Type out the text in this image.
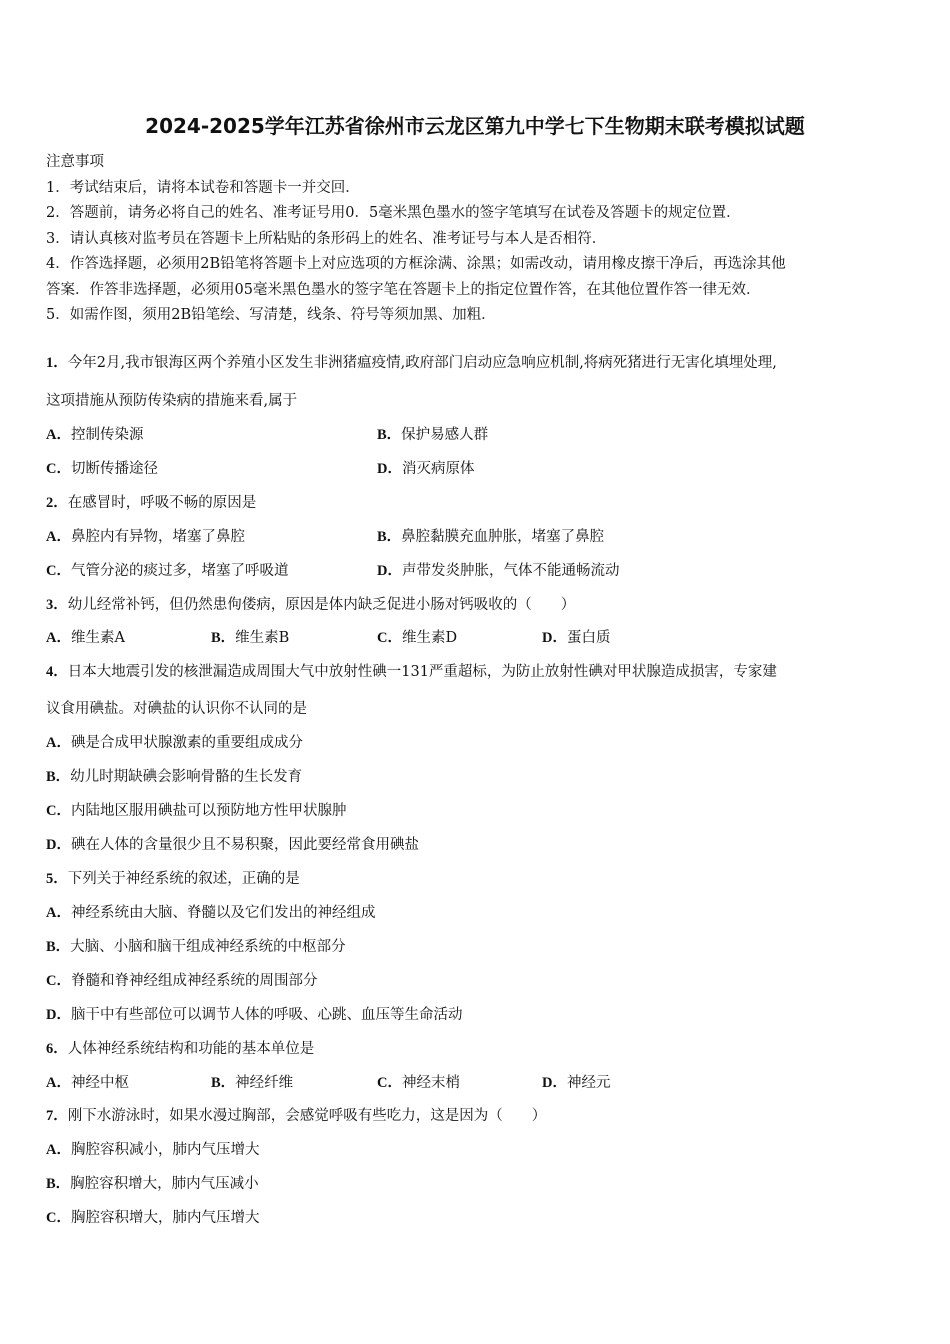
2024-2025学年江苏省徐州市云龙区第九中学七下生物期末联考模拟试题
注意事项
1．考试结束后，请将本试卷和答题卡一并交回．
2．答题前，请务必将自己的姓名、准考证号用0．5毫米黑色墨水的签字笔填写在试卷及答题卡的规定位置．
3．请认真核对监考员在答题卡上所粘贴的条形码上的姓名、准考证号与本人是否相符．
4．作答选择题，必须用2B铅笔将答题卡上对应选项的方框涂满、涂黑；如需改动，请用橡皮擦干净后，再选涂其他
答案．作答非选择题，必须用05毫米黑色墨水的签字笔在答题卡上的指定位置作答，在其他位置作答一律无效．
5．如需作图，须用2B铅笔绘、写清楚，线条、符号等须加黑、加粗．
1．今年2月,我市银海区两个养殖小区发生非洲猪瘟疫情,政府部门启动应急响应机制,将病死猪进行无害化填埋处理,
这项措施从预防传染病的措施来看,属于
A．控制传染源	B．保护易感人群
C．切断传播途径	D．消灭病原体
2．在感冒时，呼吸不畅的原因是
A．鼻腔内有异物，堵塞了鼻腔	B．鼻腔黏膜充血肿胀，堵塞了鼻腔
C．气管分泌的痰过多，堵塞了呼吸道	D．声带发炎肿胀，气体不能通畅流动
3．幼儿经常补钙，但仍然患佝偻病，原因是体内缺乏促进小肠对钙吸收的（　　）
A．维生素A	B．维生素B	C．维生素D	D．蛋白质
4．日本大地震引发的核泄漏造成周围大气中放射性碘一131严重超标，为防止放射性碘对甲状腺造成损害，专家建
议食用碘盐。对碘盐的认识你不认同的是
A．碘是合成甲状腺激素的重要组成成分
B．幼儿时期缺碘会影响骨骼的生长发育
C．内陆地区服用碘盐可以预防地方性甲状腺肿
D．碘在人体的含量很少且不易积聚，因此要经常食用碘盐
5．下列关于神经系统的叙述，正确的是
A．神经系统由大脑、脊髓以及它们发出的神经组成
B．大脑、小脑和脑干组成神经系统的中枢部分
C．脊髓和脊神经组成神经系统的周围部分
D．脑干中有些部位可以调节人体的呼吸、心跳、血压等生命活动
6．人体神经系统结构和功能的基本单位是
A．神经中枢	B．神经纤维	C．神经末梢	D．神经元
7．刚下水游泳时，如果水漫过胸部，会感觉呼吸有些吃力，这是因为（　　）
A．胸腔容积减小，肺内气压增大
B．胸腔容积增大，肺内气压减小
C．胸腔容积增大，肺内气压增大
